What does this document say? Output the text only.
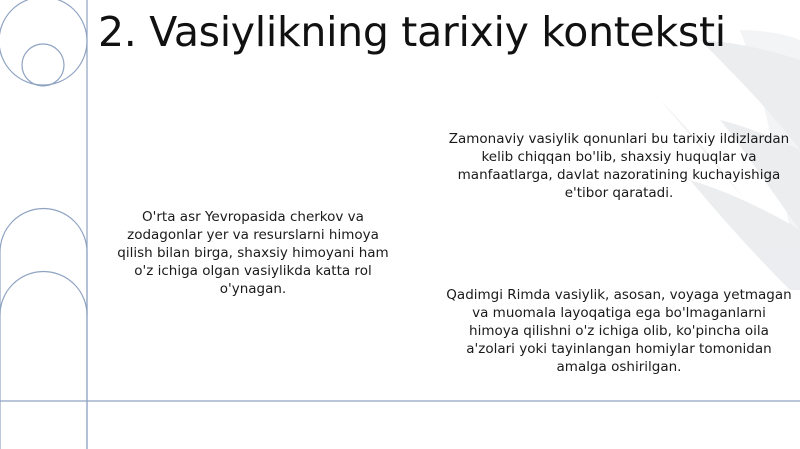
2. Vasiylikning tarixiy konteksti

O'rta asr Yevropasida cherkov va zodagonlar yer va resurslarni himoya qilish bilan birga, shaxsiy himoyani ham o'z ichiga olgan vasiylikda katta rol o'ynagan.

Zamonaviy vasiylik qonunlari bu tarixiy ildizlardan kelib chiqqan bo'lib, shaxsiy huquqlar va manfaatlarga, davlat nazoratining kuchayishiga e'tibor qaratadi.

Qadimgi Rimda vasiylik, asosan, voyaga yetmagan va muomala layoqatiga ega bo'lmaganlarni himoya qilishni o'z ichiga olib, ko'pincha oila a'zolari yoki tayinlangan homiylar tomonidan amalga oshirilgan.
